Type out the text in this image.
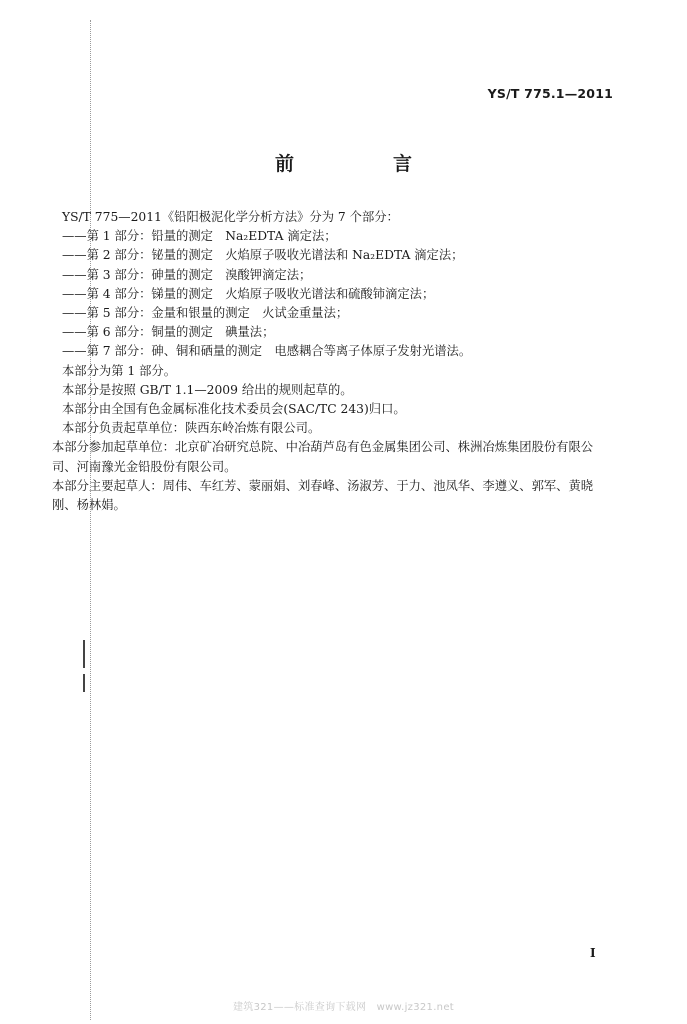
YS/T 775.1—2011
前　言

YS/T 775—2011《铅阳极泥化学分析方法》分为 7 个部分：

——第 1 部分：铅量的测定　Na₂EDTA 滴定法；

——第 2 部分：铋量的测定　火焰原子吸收光谱法和 Na₂EDTA 滴定法；

——第 3 部分：砷量的测定　溴酸钾滴定法；

——第 4 部分：锑量的测定　火焰原子吸收光谱法和硫酸铈滴定法；

——第 5 部分：金量和银量的测定　火试金重量法；

——第 6 部分：铜量的测定　碘量法；

——第 7 部分：砷、铜和硒量的测定　电感耦合等离子体原子发射光谱法。

本部分为第 1 部分。

本部分是按照 GB/T 1.1—2009 给出的规则起草的。

本部分由全国有色金属标准化技术委员会(SAC/TC 243)归口。

本部分负责起草单位：陕西东岭冶炼有限公司。

本部分参加起草单位：北京矿冶研究总院、中冶葫芦岛有色金属集团公司、株洲冶炼集团股份有限公司、河南豫光金铅股份有限公司。

本部分主要起草人：周伟、车红芳、蒙丽娟、刘春峰、汤淑芳、于力、池凤华、李遵义、郭军、黄晓刚、杨林娟。

I
建筑321——标准查询下载网　www.jz321.net
